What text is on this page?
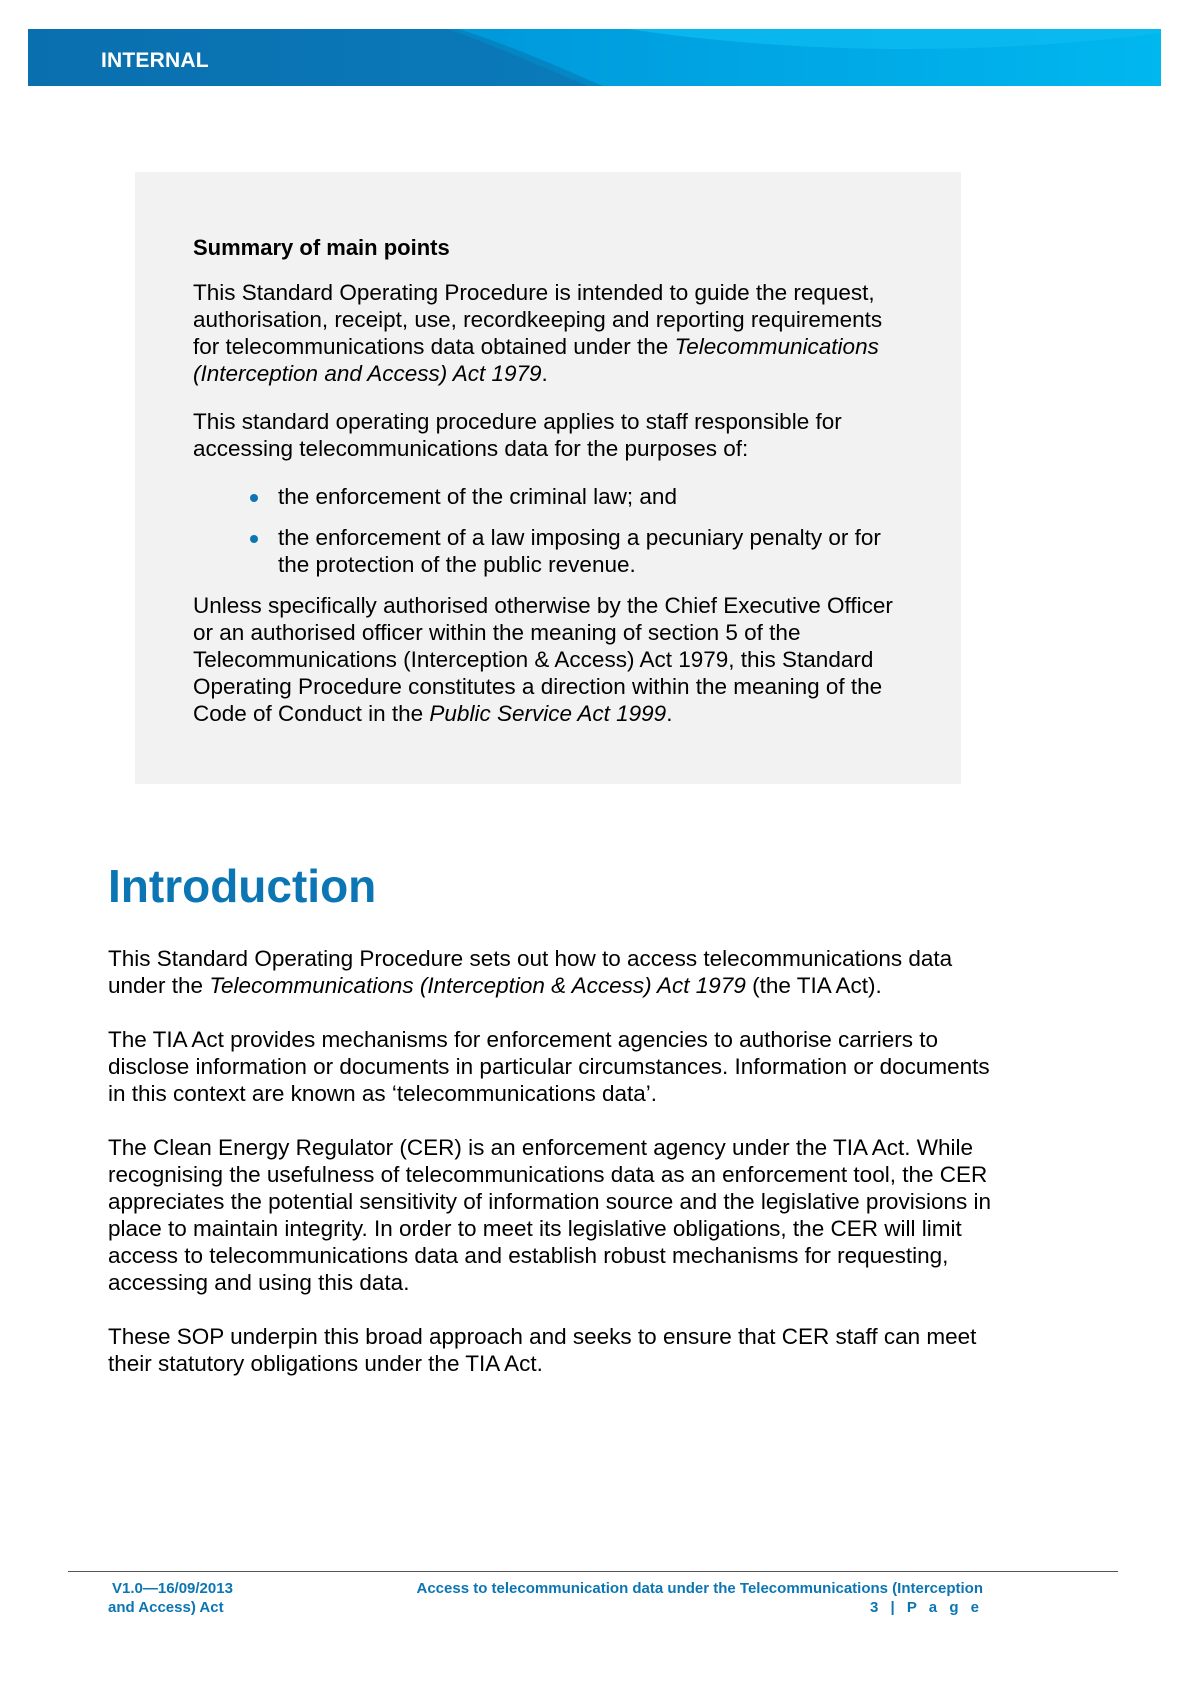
INTERNAL

Summary of main points

This Standard Operating Procedure is intended to guide the request, authorisation, receipt, use, recordkeeping and reporting requirements for telecommunications data obtained under the Telecommunications (Interception and Access) Act 1979.

This standard operating procedure applies to staff responsible for accessing telecommunications data for the purposes of:

the enforcement of the criminal law; and
the enforcement of a law imposing a pecuniary penalty or for the protection of the public revenue.

Unless specifically authorised otherwise by the Chief Executive Officer or an authorised officer within the meaning of section 5 of the Telecommunications (Interception & Access) Act 1979, this Standard Operating Procedure constitutes a direction within the meaning of the Code of Conduct in the Public Service Act 1999.

Introduction

This Standard Operating Procedure sets out how to access telecommunications data under the Telecommunications (Interception & Access) Act 1979 (the TIA Act).

The TIA Act provides mechanisms for enforcement agencies to authorise carriers to disclose information or documents in particular circumstances. Information or documents in this context are known as ‘telecommunications data’.

The Clean Energy Regulator (CER) is an enforcement agency under the TIA Act. While recognising the usefulness of telecommunications data as an enforcement tool, the CER appreciates the potential sensitivity of information source and the legislative provisions in place to maintain integrity. In order to meet its legislative obligations, the CER will limit access to telecommunications data and establish robust mechanisms for requesting, accessing and using this data.

These SOP underpin this broad approach and seeks to ensure that CER staff can meet their statutory obligations under the TIA Act.

V1.0—16/09/2013
and Access) Act
Access to telecommunication data under the Telecommunications (Interception
3 | P a g e
